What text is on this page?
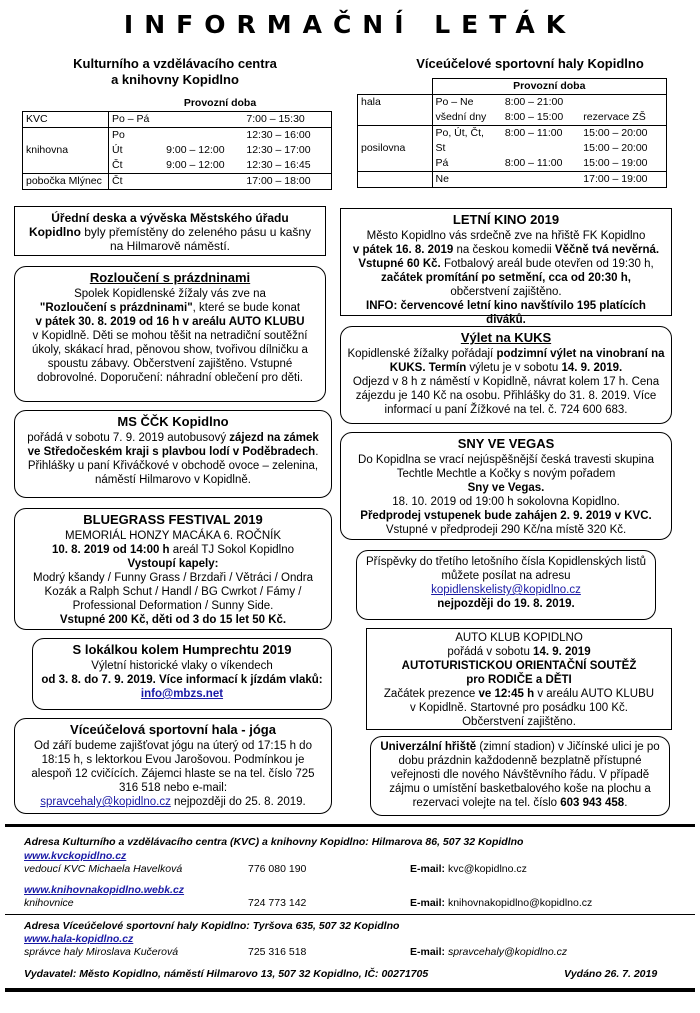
INFORMAČNÍ LETÁK
Kulturního a vzdělávacího centra
a knihovny Kopidlno
	Provozní doba		
KVC	Po – Pá		7:00 – 15:30
	Po		12:30 – 16:00
knihovna	Út	9:00 – 12:00	12:30 – 17:00
	Čt	9:00 – 12:00	12:30 – 16:45
pobočka Mlýnec	Čt		17:00 – 18:00
Víceúčelové sportovní haly Kopidlno
	Provozní doba		
hala	Po – Ne	8:00 – 21:00	
	všední dny	8:00 – 15:00	rezervace ZŠ
	Po, Út, Čt,	8:00 – 11:00	15:00 – 20:00
posilovna	St		15:00 – 20:00
	Pá	8:00 – 11:00	15:00 – 19:00
	Ne		17:00 – 19:00
Úřední deska a vývěska Městského úřadu
Kopidlno byly přemístěny do zeleného pásu u kašny na Hilmarově náměstí.
Rozloučení s prázdninami
Spolek Kopidlenské žížaly vás zve na
"Rozloučení s prázdninami", které se bude konat
v pátek 30. 8. 2019 od 16 h v areálu AUTO KLUBU
v Kopidlně. Děti se mohou těšit na netradiční soutěžní úkoly, skákací hrad, pěnovou show, tvořivou dílničku a spoustu zábavy. Občerstvení zajištěno. Vstupné dobrovolné. Doporučení: náhradní oblečení pro děti.
MS ČČK Kopidlno
pořádá v sobotu 7. 9. 2019 autobusový zájezd na zámek ve Středočeském kraji s plavbou lodí v Poděbradech. Přihlášky u paní Křiváčkové v obchodě ovoce – zelenina, náměstí Hilmarovo v Kopidlně.
BLUEGRASS FESTIVAL 2019
MEMORIÁL HONZY MACÁKA 6. ROČNÍK
10. 8. 2019 od 14:00 h areál TJ Sokol Kopidlno
Vystoupí kapely:
Modrý kšandy / Funny Grass / Brzdaři / Větráci / Ondra Kozák a Ralph Schut / Handl / BG Cwrkot / Fámy / Professional Deformation / Sunny Side.
Vstupné 200 Kč, děti od 3 do 15 let 50 Kč.
S lokálkou kolem Humprechtu 2019
Výletní historické vlaky o víkendech
od 3. 8. do 7. 9. 2019. Více informací k jízdám vlaků: info@mbzs.net
Víceúčelová sportovní hala - jóga
Od září budeme zajišťovat jógu na úterý od 17:15 h do 18:15 h, s lektorkou Evou Jarošovou. Podmínkou je alespoň 12 cvičících. Zájemci hlaste se na tel. číslo 725 316 518 nebo e-mail:
spravcehaly@kopidlno.cz nejpozději do 25. 8. 2019.
LETNÍ KINO 2019
Město Kopidlno vás srdečně zve na hřiště FK Kopidlno
v pátek 16. 8. 2019 na českou komedii Věčně tvá nevěrná.
Vstupné 60 Kč. Fotbalový areál bude otevřen od 19:30 h,
začátek promítání po setmění, cca od 20:30 h,
občerstvení zajištěno.
INFO: červencové letní kino navštívilo 195 platících diváků.
Výlet na KUKS
Kopidlenské žížalky pořádají podzimní výlet na vinobraní na KUKS. Termín výletu je v sobotu 14. 9. 2019.
Odjezd v 8 h z náměstí v Kopidlně, návrat kolem 17 h. Cena zájezdu je 140 Kč na osobu. Přihlášky do 31. 8. 2019. Více informací u paní Žížkové na tel. č. 724 600 683.
SNY VE VEGAS
Do Kopidlna se vrací nejúspěšnější česká travesti skupina Techtle Mechtle a Kočky s novým pořadem
Sny ve Vegas.
18. 10. 2019 od 19:00 h sokolovna Kopidlno.
Předprodej vstupenek bude zahájen 2. 9. 2019 v KVC.
Vstupné v předprodeji 290 Kč/na místě 320 Kč.
Příspěvky do třetího letošního čísla Kopidlenských listů můžete posílat na adresu
kopidlenskelisty@kopidlno.cz
nejpozději do 19. 8. 2019.
AUTO KLUB KOPIDLNO
pořádá v sobotu 14. 9. 2019
AUTOTURISTICKOU ORIENTAČNÍ SOUTĚŽ
pro RODIČE a DĚTI
Začátek prezence ve 12:45 h v areálu AUTO KLUBU
v Kopidlně. Startovné pro posádku 100 Kč.
Občerstvení zajištěno.
Univerzální hřiště (zimní stadion) v Jičínské ulici je po dobu prázdnin každodenně bezplatně přístupné veřejnosti dle nového Návštěvního řádu. V případě zájmu o umístění basketbalového koše na plochu a rezervaci volejte na tel. číslo 603 943 458.
Adresa Kulturního a vzdělávacího centra (KVC) a knihovny Kopidlno: Hilmarova 86, 507 32 Kopidlno
www.kvckopidlno.cz
vedoucí KVC Michaela Havelková	776 080 190	E-mail: kvc@kopidlno.cz
www.knihovnakopidlno.webk.cz
knihovnice	724 773 142	E-mail: knihovnakopidlno@kopidlno.cz
Adresa Víceúčelové sportovní haly Kopidlno: Tyršova 635, 507 32 Kopidlno
www.hala-kopidlno.cz
správce haly Miroslava Kučerová	725 316 518	E-mail: spravcehaly@kopidlno.cz
Vydavatel: Město Kopidlno, náměstí Hilmarovo 13, 507 32 Kopidlno, IČ: 00271705	Vydáno 26. 7. 2019
